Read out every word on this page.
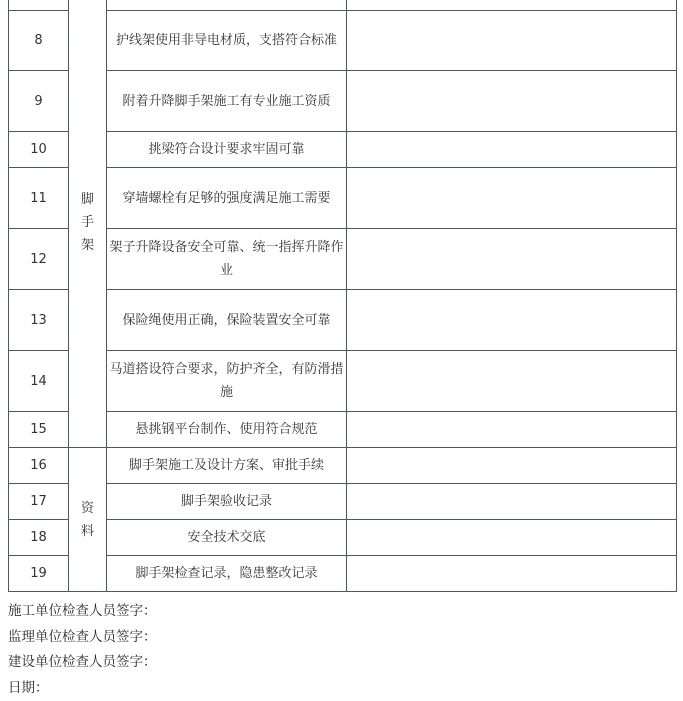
	脚手架		
8		护线架使用非导电材质，支搭符合标准	
9		附着升降脚手架施工有专业施工资质	
10		挑梁符合设计要求牢固可靠	
11		穿墙螺栓有足够的强度满足施工需要	
12		架子升降设备安全可靠、统一指挥升降作业	
13		保险绳使用正确，保险装置安全可靠	
14		马道搭设符合要求，防护齐全，有防滑措施	
15		悬挑钢平台制作、使用符合规范	
16	资料	脚手架施工及设计方案、审批手续	
17		脚手架验收记录	
18		安全技术交底	
19		脚手架检查记录，隐患整改记录	
施工单位检查人员签字：
监理单位检查人员签字：
建设单位检查人员签字：
日期：
